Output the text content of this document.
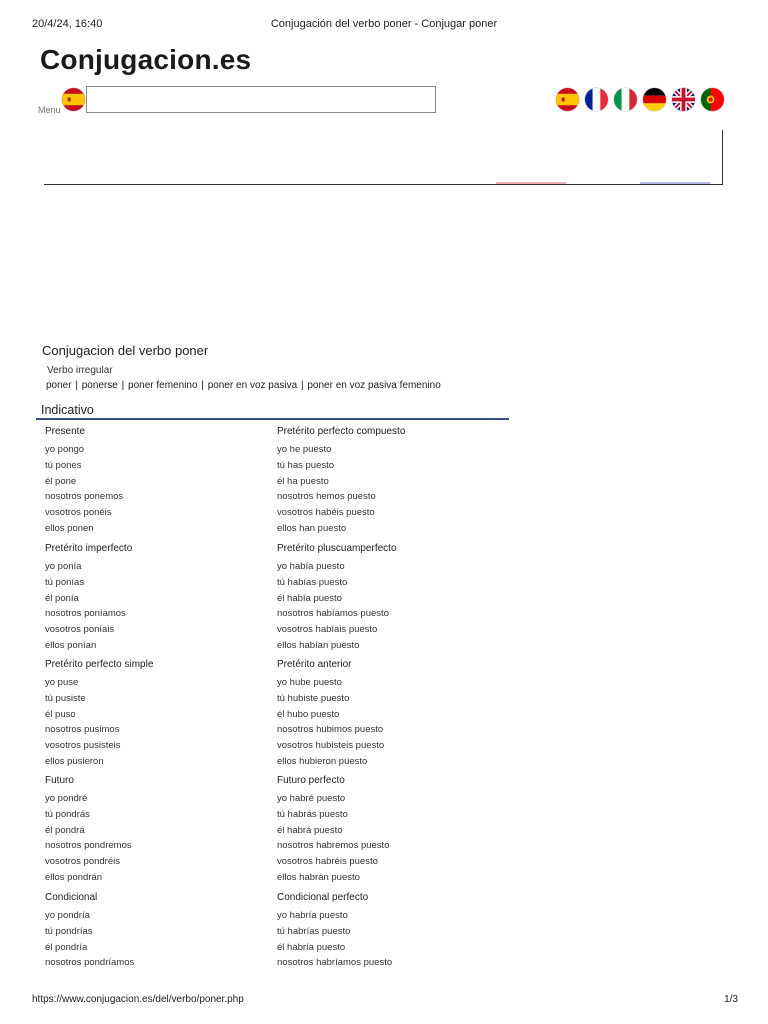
20/4/24, 16:40	Conjugación del verbo poner - Conjugar poner
Conjugacion.es
Menu
Conjugacion del verbo poner
Verbo irregular
poner | ponerse | poner femenino | poner en voz pasiva | poner en voz pasiva femenino
Indicativo
Presente
yo pongo
tú pones
él pone
nosotros ponemos
vosotros ponéis
ellos ponen
Pretérito perfecto compuesto
yo he puesto
tú has puesto
él ha puesto
nosotros hemos puesto
vosotros habéis puesto
ellos han puesto
Pretérito imperfecto
yo ponía
tú ponías
él ponía
nosotros poníamos
vosotros poníais
ellos ponían
Pretérito pluscuamperfecto
yo había puesto
tú habías puesto
él había puesto
nosotros habíamos puesto
vosotros habíais puesto
ellos habían puesto
Pretérito perfecto simple
yo puse
tú pusiste
él puso
nosotros pusimos
vosotros pusisteis
ellos pusieron
Pretérito anterior
yo hube puesto
tú hubiste puesto
él hubo puesto
nosotros hubimos puesto
vosotros hubisteis puesto
ellos hubieron puesto
Futuro
yo pondré
tú pondrás
él pondrá
nosotros pondremos
vosotros pondréis
ellos pondrán
Futuro perfecto
yo habré puesto
tú habrás puesto
él habrá puesto
nosotros habremos puesto
vosotros habréis puesto
ellos habrán puesto
Condicional
yo pondría
tú pondrías
él pondría
nosotros pondríamos
Condicional perfecto
yo habría puesto
tú habrías puesto
él habría puesto
nosotros habríamos puesto
https://www.conjugacion.es/del/verbo/poner.php	1/3
